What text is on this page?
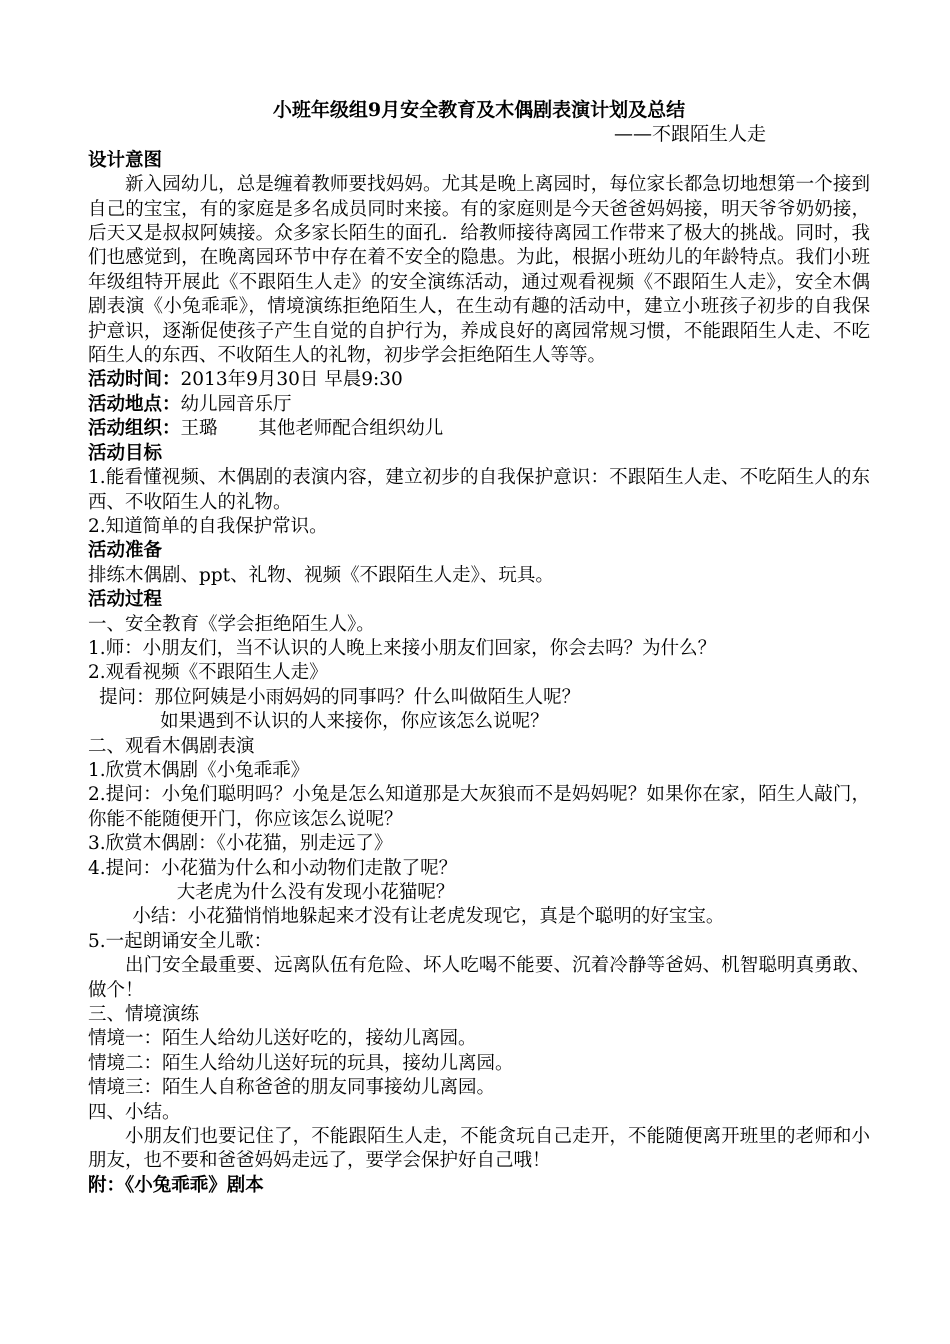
小班年级组9月安全教育及木偶剧表演计划及总结

——不跟陌生人走

设计意图

新入园幼儿，总是缠着教师要找妈妈。尤其是晚上离园时，每位家长都急切地想第一个接到自己的宝宝，有的家庭是多名成员同时来接。有的家庭则是今天爸爸妈妈接，明天爷爷奶奶接，后天又是叔叔阿姨接。众多家长陌生的面孔．给教师接待离园工作带来了极大的挑战。同时，我们也感觉到，在晚离园环节中存在着不安全的隐患。为此，根据小班幼儿的年龄特点。我们小班年级组特开展此《不跟陌生人走》的安全演练活动，通过观看视频《不跟陌生人走》，安全木偶剧表演《小兔乖乖》，情境演练拒绝陌生人，在生动有趣的活动中，建立小班孩子初步的自我保护意识，逐渐促使孩子产生自觉的自护行为，养成良好的离园常规习惯，不能跟陌生人走、不吃陌生人的东西、不收陌生人的礼物，初步学会拒绝陌生人等等。

活动时间：2013年9月30日 早晨9:30

活动地点：幼儿园音乐厅

活动组织：王璐 其他老师配合组织幼儿

活动目标

1.能看懂视频、木偶剧的表演内容，建立初步的自我保护意识：不跟陌生人走、不吃陌生人的东西、不收陌生人的礼物。

2.知道简单的自我保护常识。

活动准备

排练木偶剧、ppt、礼物、视频《不跟陌生人走》、玩具。

活动过程

一、安全教育《学会拒绝陌生人》。

1.师：小朋友们，当不认识的人晚上来接小朋友们回家，你会去吗？为什么？

2.观看视频《不跟陌生人走》

提问：那位阿姨是小雨妈妈的同事吗？什么叫做陌生人呢？

如果遇到不认识的人来接你，你应该怎么说呢？

二、观看木偶剧表演

1.欣赏木偶剧《小兔乖乖》

2.提问：小兔们聪明吗？小兔是怎么知道那是大灰狼而不是妈妈呢？如果你在家，陌生人敲门，你能不能随便开门，你应该怎么说呢？

3.欣赏木偶剧：《小花猫，别走远了》

4.提问：小花猫为什么和小动物们走散了呢？

大老虎为什么没有发现小花猫呢？

小结：小花猫悄悄地躲起来才没有让老虎发现它，真是个聪明的好宝宝。

5.一起朗诵安全儿歌：

出门安全最重要、远离队伍有危险、坏人吃喝不能要、沉着冷静等爸妈、机智聪明真勇敢、做个！

三、情境演练

情境一：陌生人给幼儿送好吃的，接幼儿离园。

情境二：陌生人给幼儿送好玩的玩具，接幼儿离园。

情境三：陌生人自称爸爸的朋友同事接幼儿离园。

四、小结。

小朋友们也要记住了，不能跟陌生人走，不能贪玩自己走开，不能随便离开班里的老师和小朋友，也不要和爸爸妈妈走远了，要学会保护好自己哦！

附：《小兔乖乖》剧本
